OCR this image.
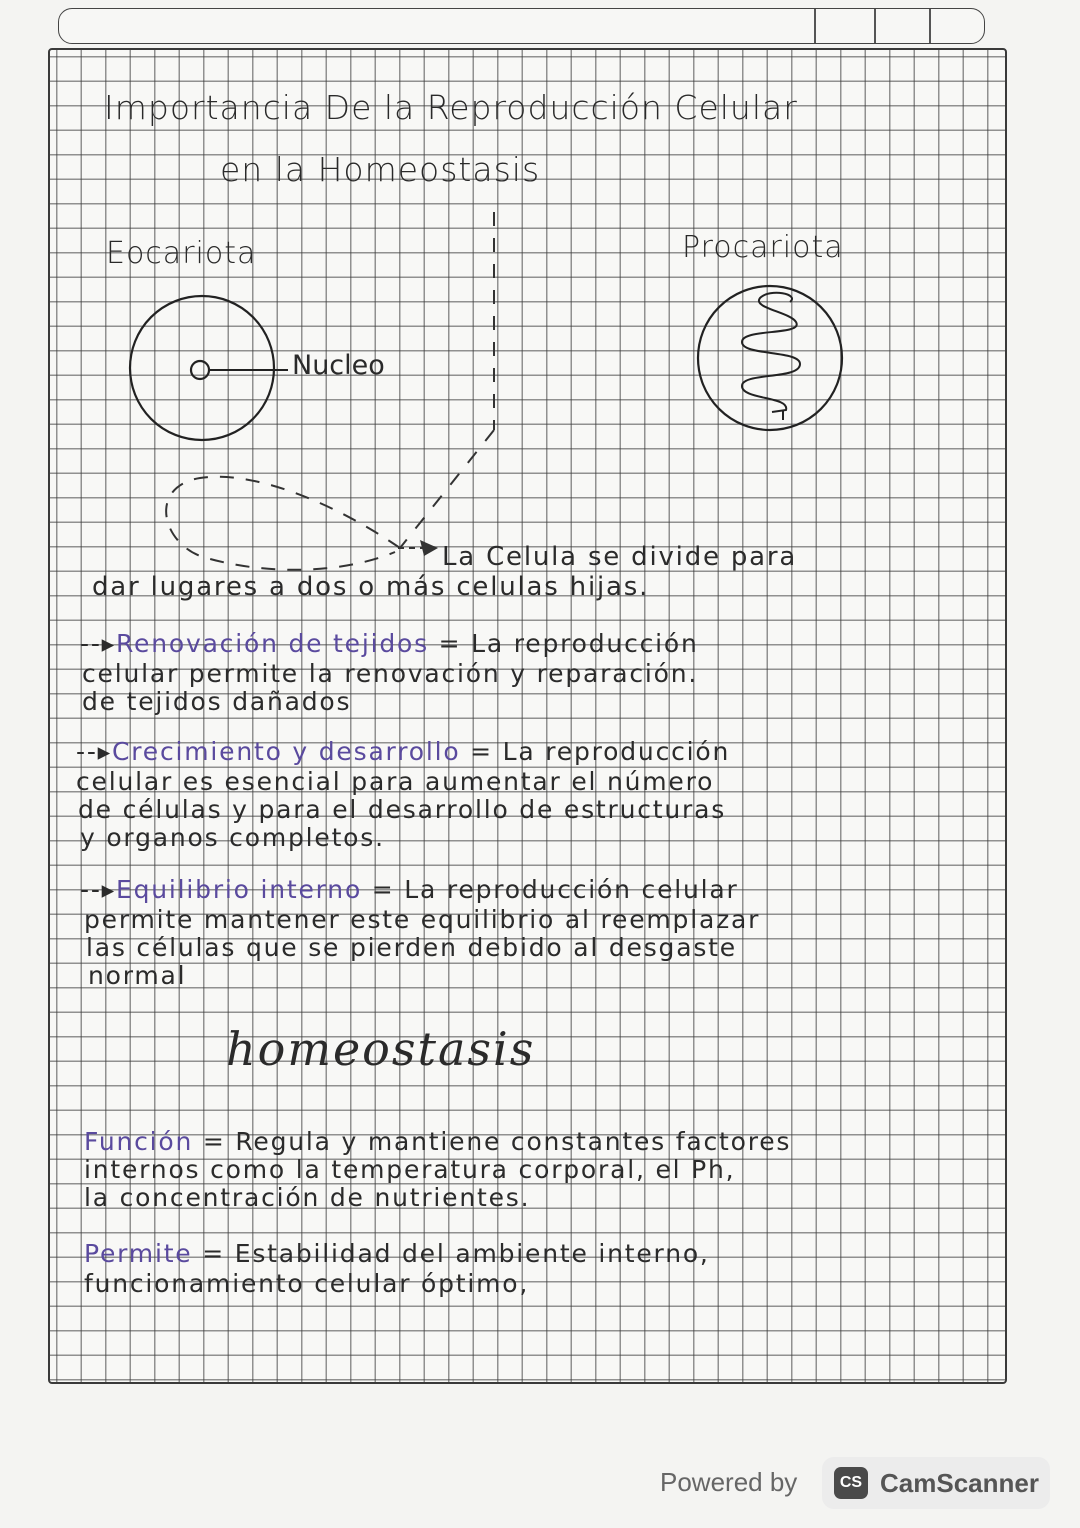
Importancia De la Reproducción Celular
en la Homeostasis
Eocariota	Procariota
Nucleo
La Celula se divide para
dar lugares a dos o más celulas hijas.
--▸Renovación de tejidos = La reproducción
celular permite la renovación y reparación.
de tejidos dañados
--▸Crecimiento y desarrollo = La reproducción
celular es esencial para aumentar el número
de células y para el desarrollo de estructuras
y organos completos.
--▸Equilibrio interno = La reproducción celular
permite mantener este equilibrio al reemplazar
las células que se pierden debido al desgaste
normal
homeostasis
Función = Regula y mantiene constantes factores
internos como la temperatura corporal, el Ph,
la concentración de nutrientes.
Permite = Estabilidad del ambiente interno,
funcionamiento celular óptimo,
Powered by	CS CamScanner
